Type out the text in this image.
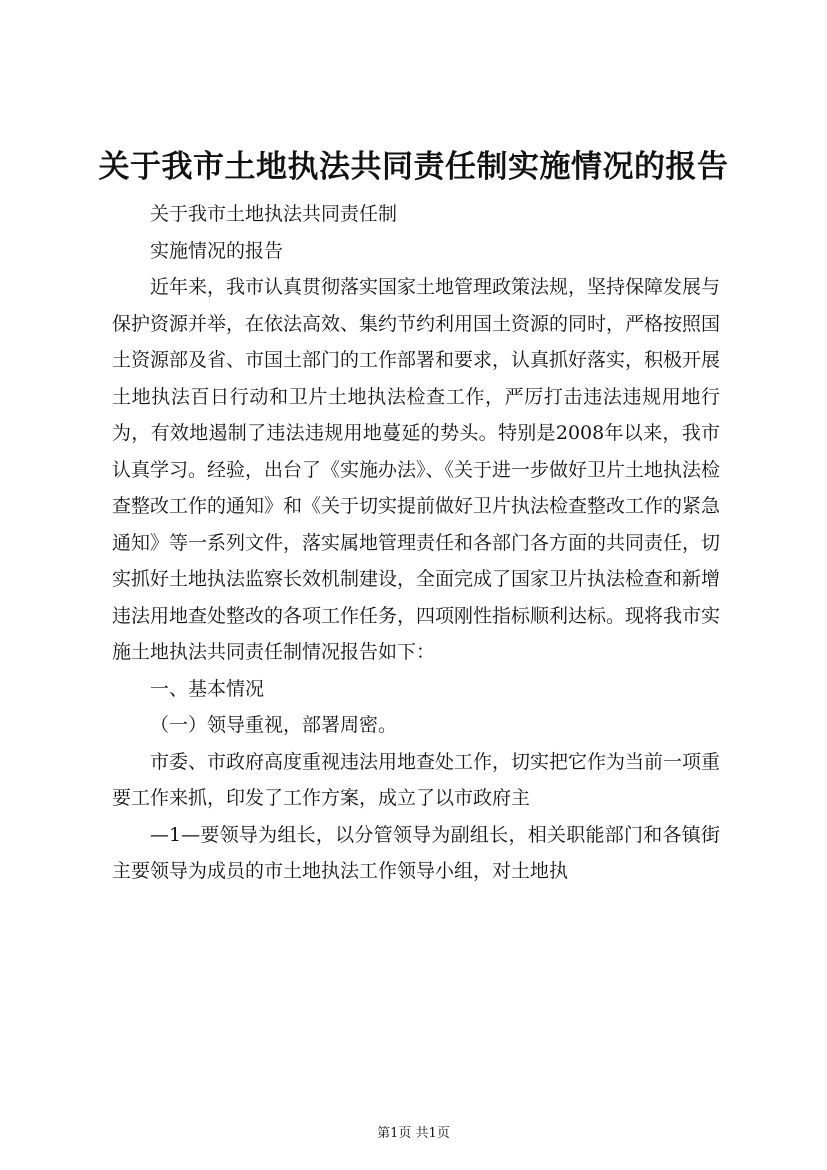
关于我市土地执法共同责任制实施情况的报告

关于我市土地执法共同责任制

实施情况的报告

近年来，我市认真贯彻落实国家土地管理政策法规，坚持保障发展与保护资源并举，在依法高效、集约节约利用国土资源的同时，严格按照国土资源部及省、市国土部门的工作部署和要求，认真抓好落实，积极开展土地执法百日行动和卫片土地执法检查工作，严厉打击违法违规用地行为，有效地遏制了违法违规用地蔓延的势头。特别是2008年以来，我市认真学习。经验，出台了《实施办法》、《关于进一步做好卫片土地执法检查整改工作的通知》和《关于切实提前做好卫片执法检查整改工作的紧急通知》等一系列文件，落实属地管理责任和各部门各方面的共同责任，切实抓好土地执法监察长效机制建设，全面完成了国家卫片执法检查和新增违法用地查处整改的各项工作任务，四项刚性指标顺利达标。现将我市实施土地执法共同责任制情况报告如下：

一、基本情况

（一）领导重视，部署周密。

市委、市政府高度重视违法用地查处工作，切实把它作为当前一项重要工作来抓，印发了工作方案，成立了以市政府主

—1—要领导为组长，以分管领导为副组长，相关职能部门和各镇街主要领导为成员的市土地执法工作领导小组，对土地执

第1页 共1页
